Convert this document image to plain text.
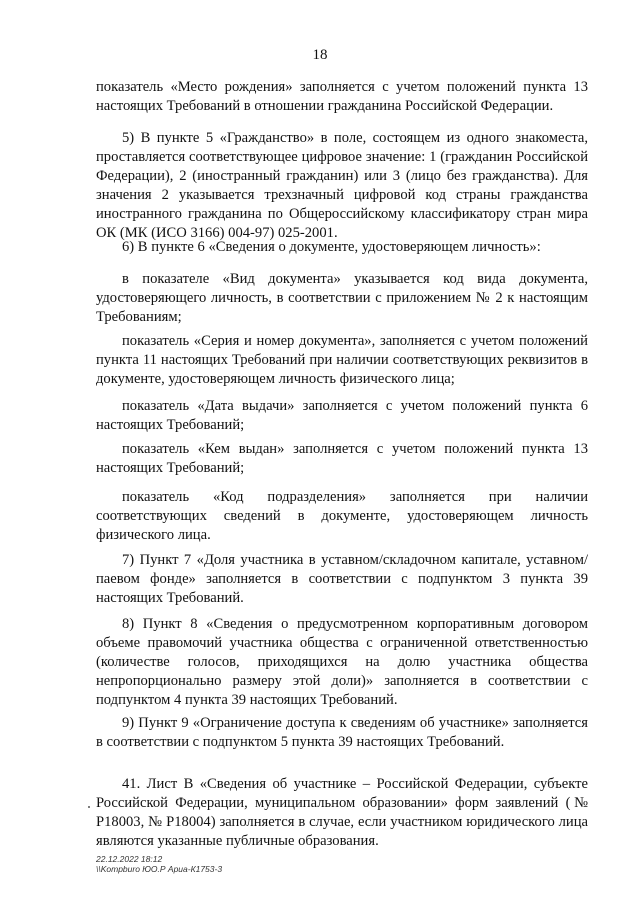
18

показатель «Место рождения» заполняется с учетом положений пункта 13 настоящих Требований в отношении гражданина Российской Федерации.

5) В пункте 5 «Гражданство» в поле, состоящем из одного знакоместа, проставляется соответствующее цифровое значение: 1 (гражданин Российской Федерации), 2 (иностранный гражданин) или 3 (лицо без гражданства). Для значения 2 указывается трехзначный цифровой код страны гражданства иностранного гражданина по Общероссийскому классификатору стран мира ОК (МК (ИСО 3166) 004-97) 025-2001.

6) В пункте 6 «Сведения о документе, удостоверяющем личность»:

в показателе «Вид документа» указывается код вида документа, удостоверяющего личность, в соответствии с приложением № 2 к настоящим Требованиям;

показатель «Серия и номер документа», заполняется с учетом положений пункта 11 настоящих Требований при наличии соответствующих реквизитов в документе, удостоверяющем личность физического лица;

показатель «Дата выдачи» заполняется с учетом положений пункта 6 настоящих Требований;

показатель «Кем выдан» заполняется с учетом положений пункта 13 настоящих Требований;

показатель «Код подразделения» заполняется при наличии соответствующих сведений в документе, удостоверяющем личность физического лица.

7) Пункт 7 «Доля участника в уставном/складочном капитале, уставном/паевом фонде» заполняется в соответствии с подпунктом 3 пункта 39 настоящих Требований.

8) Пункт 8 «Сведения о предусмотренном корпоративным договором объеме правомочий участника общества с ограниченной ответственностью (количестве голосов, приходящихся на долю участника общества непропорционально размеру этой доли)» заполняется в соответствии с подпунктом 4 пункта 39 настоящих Требований.

9) Пункт 9 «Ограничение доступа к сведениям об участнике» заполняется в соответствии с подпунктом 5 пункта 39 настоящих Требований.

41. Лист В «Сведения об участнике – Российской Федерации, субъекте Российской Федерации, муниципальном образовании» форм заявлений (№ Р18003, № Р18004) заполняется в случае, если участником юридического лица являются указанные публичные образования.

22.12.2022 18:12
\\Kompburo ЮО.Р Ариа-К1753-3
